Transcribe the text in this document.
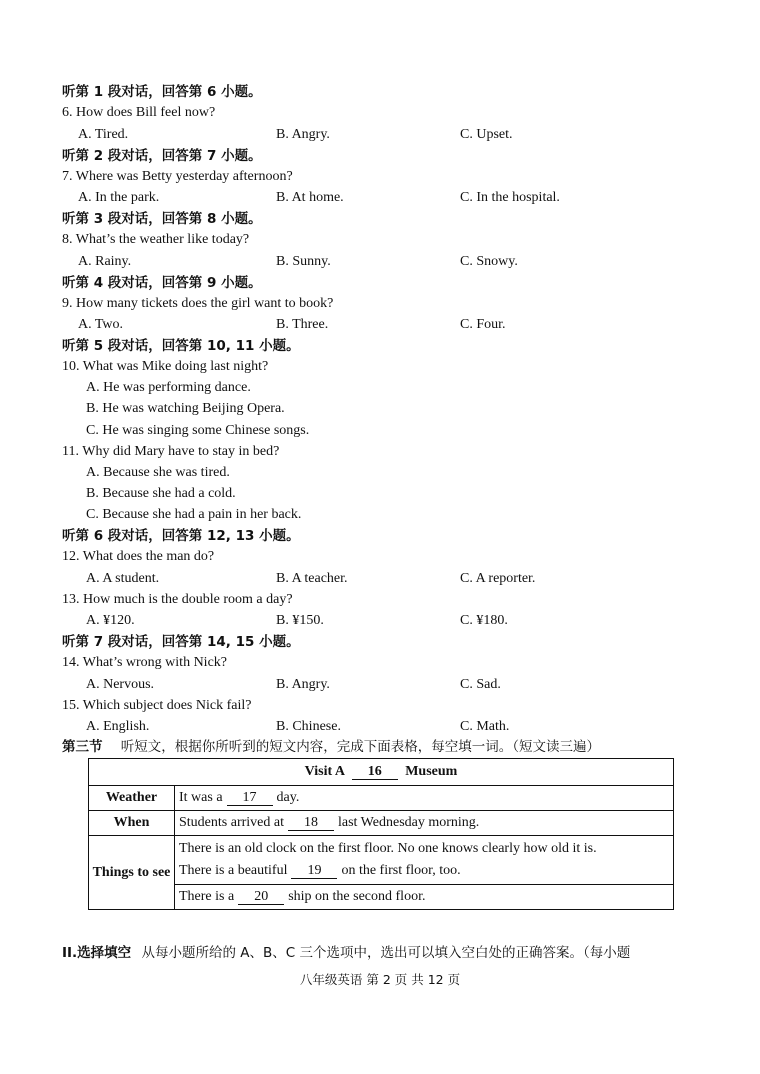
听第 1 段对话，回答第 6 小题。
6. How does Bill feel now?
A. Tired.	B. Angry.	C. Upset.
听第 2 段对话，回答第 7 小题。
7. Where was Betty yesterday afternoon?
A. In the park.	B. At home.	C. In the hospital.
听第 3 段对话，回答第 8 小题。
8. What’s the weather like today?
A. Rainy.	B. Sunny.	C. Snowy.
听第 4 段对话，回答第 9 小题。
9. How many tickets does the girl want to book?
A. Two.	B. Three.	C. Four.
听第 5 段对话，回答第 10, 11 小题。
10. What was Mike doing last night?
A. He was performing dance.
B. He was watching Beijing Opera.
C. He was singing some Chinese songs.
11. Why did Mary have to stay in bed?
A. Because she was tired.
B. Because she had a cold.
C. Because she had a pain in her back.
听第 6 段对话，回答第 12, 13 小题。
12. What does the man do?
A. A student.	B. A teacher.	C. A reporter.
13. How much is the double room a day?
A. ¥120.	B. ¥150.	C. ¥180.
听第 7 段对话，回答第 14, 15 小题。
14. What’s wrong with Nick?
A. Nervous.	B. Angry.	C. Sad.
15. Which subject does Nick fail?
A. English.	B. Chinese.	C. Math.
第三节 听短文，根据你所听到的短文内容，完成下面表格，每空填一词。（短文读三遍）
Visit A 16 Museum	
Weather	It was a 17 day.
When	Students arrived at 18 last Wednesday morning.
Things to see	There is an old clock on the first floor. No one knows clearly how old it is.
There is a beautiful 19 on the first floor, too.

	There is a 20 ship on the second floor.
II.选择填空 从每小题所给的 A、B、C 三个选项中，选出可以填入空白处的正确答案。（每小题
八年级英语 第 2 页 共 12 页
